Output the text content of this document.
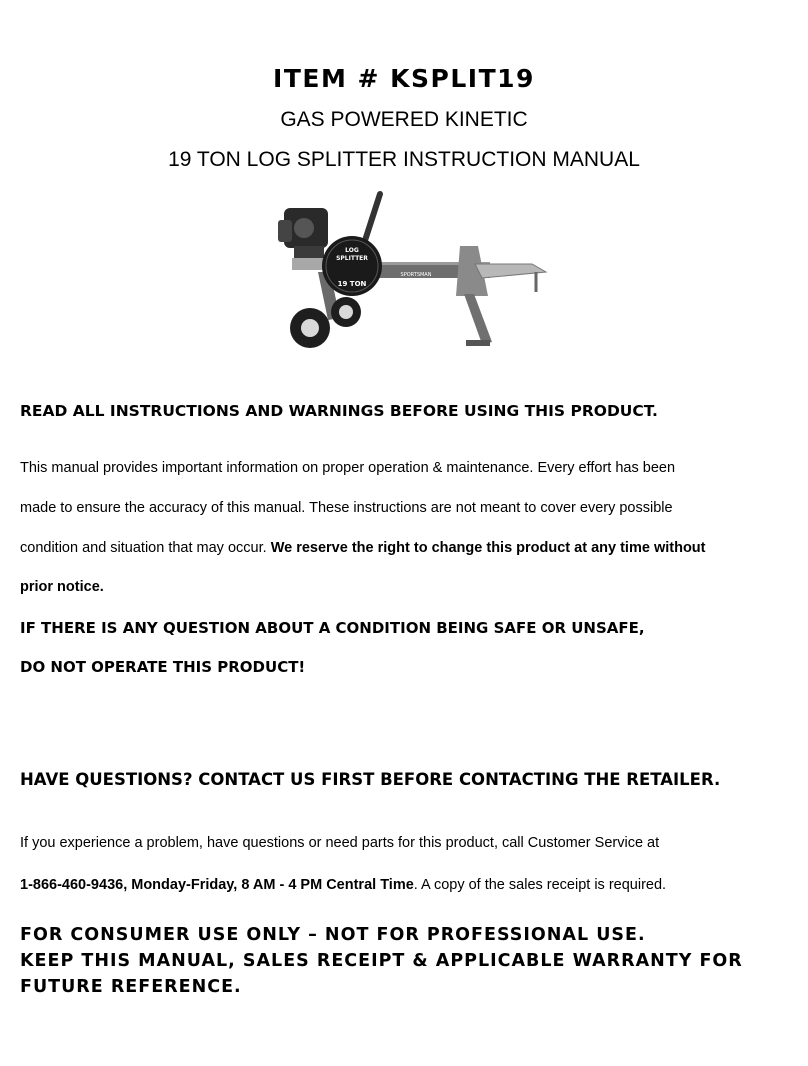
ITEM # KSPLIT19
GAS POWERED KINETIC
19 TON LOG SPLITTER INSTRUCTION MANUAL
LOG
SPLITTER
19 TON
SPORTSMAN
READ ALL INSTRUCTIONS AND WARNINGS BEFORE USING THIS PRODUCT.
This manual provides important information on proper operation & maintenance. Every effort has been
made to ensure the accuracy of this manual. These instructions are not meant to cover every possible
condition and situation that may occur. We reserve the right to change this product at any time without
prior notice.
IF THERE IS ANY QUESTION ABOUT A CONDITION BEING SAFE OR UNSAFE,
DO NOT OPERATE THIS PRODUCT!
HAVE QUESTIONS? CONTACT US FIRST BEFORE CONTACTING THE RETAILER.
If you experience a problem, have questions or need parts for this product, call Customer Service at
1-866-460-9436, Monday-Friday, 8 AM - 4 PM Central Time. A copy of the sales receipt is required.
FOR CONSUMER USE ONLY – NOT FOR PROFESSIONAL USE.
KEEP THIS MANUAL, SALES RECEIPT & APPLICABLE WARRANTY FOR
FUTURE REFERENCE.
